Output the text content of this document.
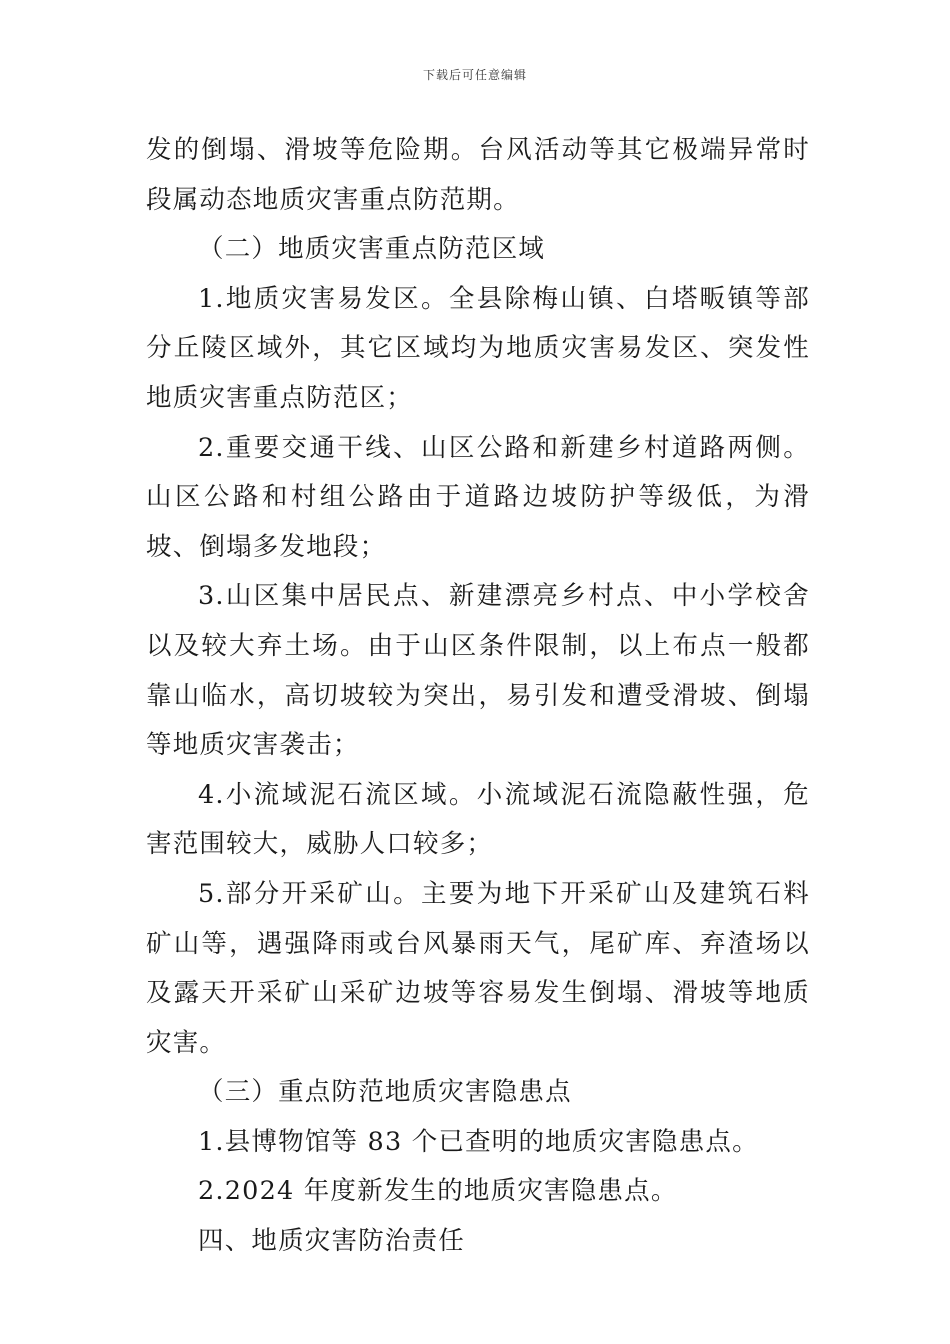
下载后可任意编辑

发的倒塌、滑坡等危险期。台风活动等其它极端异常时段属动态地质灾害重点防范期。

（二）地质灾害重点防范区域

1.地质灾害易发区。全县除梅山镇、白塔畈镇等部分丘陵区域外，其它区域均为地质灾害易发区、突发性地质灾害重点防范区；

2.重要交通干线、山区公路和新建乡村道路两侧。山区公路和村组公路由于道路边坡防护等级低，为滑坡、倒塌多发地段；

3.山区集中居民点、新建漂亮乡村点、中小学校舍以及较大弃土场。由于山区条件限制，以上布点一般都靠山临水，高切坡较为突出，易引发和遭受滑坡、倒塌等地质灾害袭击；

4.小流域泥石流区域。小流域泥石流隐蔽性强，危害范围较大，威胁人口较多；

5.部分开采矿山。主要为地下开采矿山及建筑石料矿山等，遇强降雨或台风暴雨天气，尾矿库、弃渣场以及露天开采矿山采矿边坡等容易发生倒塌、滑坡等地质灾害。

（三）重点防范地质灾害隐患点

1.县博物馆等 83 个已查明的地质灾害隐患点。

2.2024 年度新发生的地质灾害隐患点。

四、地质灾害防治责任
